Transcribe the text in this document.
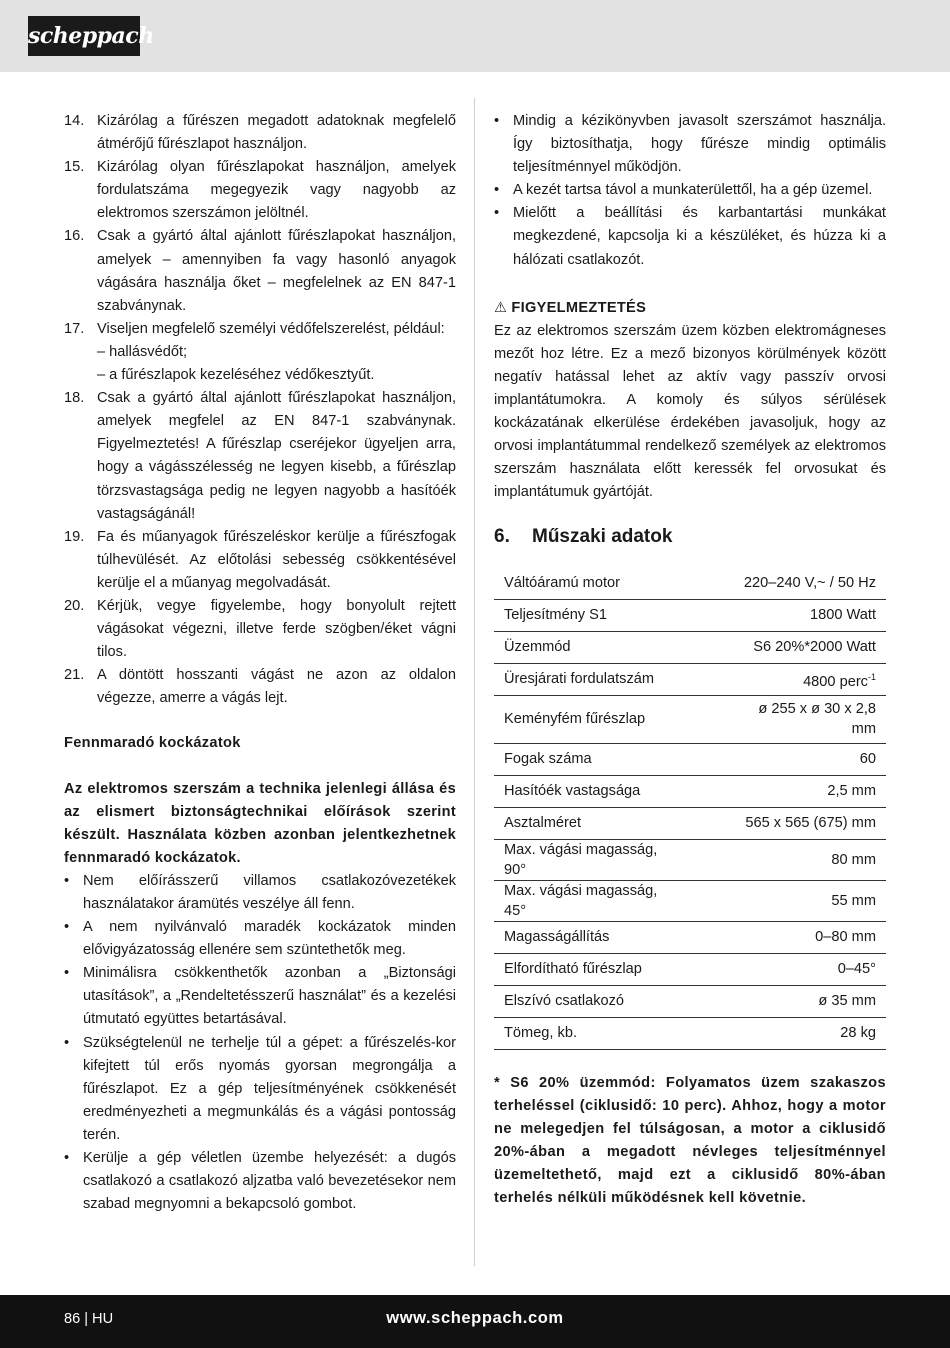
scheppach
14. Kizárólag a fűrészen megadott adatoknak megfelelő átmérőjű fűrészlapot használjon.
15. Kizárólag olyan fűrészlapokat használjon, amelyek fordulatszáma megegyezik vagy nagyobb az elektromos szerszámon jelöltnél.
16. Csak a gyártó által ajánlott fűrészlapokat használjon, amelyek – amennyiben fa vagy hasonló anyagok vágására használja őket – megfelelnek az EN 847-1 szabványnak.
17. Viseljen megfelelő személyi védőfelszerelést, például:
– hallásvédőt;
– a fűrészlapok kezeléséhez védőkesztyűt.
18. Csak a gyártó által ajánlott fűrészlapokat használjon, amelyek megfelel az EN 847-1 szabványnak. Figyelmeztetés! A fűrészlap cseréjekor ügyeljen arra, hogy a vágásszélesség ne legyen kisebb, a fűrészlap törzsvastagsága pedig ne legyen nagyobb a hasítóék vastagságánál!
19. Fa és műanyagok fűrészeléskor kerülje a fűrészfogak túlhevülését. Az előtolási sebesség csökkentésével kerülje el a műanyag megolvadását.
20. Kérjük, vegye figyelembe, hogy bonyolult rejtett vágásokat végezni, illetve ferde szögben/éket vágni tilos.
21. A döntött hosszanti vágást ne azon az oldalon végezze, amerre a vágás lejt.

Fennmaradó kockázatok

Az elektromos szerszám a technika jelenlegi állása és az elismert biztonságtechnikai előírások szerint készült. Használata közben azonban jelentkezhetnek fennmaradó kockázatok.

• Nem előírásszerű villamos csatlakozóvezetékek használatakor áramütés veszélye áll fenn.
• A nem nyilvánvaló maradék kockázatok minden elővigyázatosság ellenére sem szüntethetők meg.
• Minimálisra csökkenthetők azonban a „Biztonsági utasítások”, a „Rendeltetésszerű használat” és a kezelési útmutató együttes betartásával.
• Szükségtelenül ne terhelje túl a gépet: a fűrészelés-kor kifejtett túl erős nyomás gyorsan megrongálja a fűrészlapot. Ez a gép teljesítményének csökkenését eredményezheti a megmunkálás és a vágási pontosság terén.
• Kerülje a gép véletlen üzembe helyezését: a dugós csatlakozó a csatlakozó aljzatba való bevezetésekor nem szabad megnyomni a bekapcsoló gombot.
• Mindig a kézikönyvben javasolt szerszámot használja. Így biztosíthatja, hogy fűrésze mindig optimális teljesítménnyel működjön.
• A kezét tartsa távol a munkaterülettől, ha a gép üzemel.
• Mielőtt a beállítási és karbantartási munkákat megkezdené, kapcsolja ki a készüléket, és húzza ki a hálózati csatlakozót.

⚠ FIGYELMEZTETÉS

Ez az elektromos szerszám üzem közben elektromágneses mezőt hoz létre. Ez a mező bizonyos körülmények között negatív hatással lehet az aktív vagy passzív orvosi implantátumokra. A komoly és súlyos sérülések kockázatának elkerülése érdekében javasoljuk, hogy az orvosi implantátummal rendelkező személyek az elektromos szerszám használata előtt keressék fel orvosukat és implantátumuk gyártóját.

6. Műszaki adatok

Váltóáramú motor	220–240 V,~ / 50 Hz
Teljesítmény S1	1800 Watt
Üzemmód	S6 20%*2000 Watt
Üresjárati fordulatszám	4800 perc$^{-1}$
Keményfém fűrészlap	ø 255 x ø 30 x 2,8 mm
Fogak száma	60
Hasítóék vastagsága	2,5 mm
Asztalméret	565 x 565 (675) mm
Max. vágási magasság, 90°	80 mm
Max. vágási magasság, 45°	55 mm
Magasságállítás	0–80 mm
Elfordítható fűrészlap	0–45°
Elszívó csatlakozó	ø 35 mm
Tömeg, kb.	28 kg

* S6 20% üzemmód: Folyamatos üzem szakaszos terheléssel (ciklusidő: 10 perc). Ahhoz, hogy a motor ne melegedjen fel túlságosan, a motor a ciklusidő 20%-ában a megadott névleges teljesítménnyel üzemeltethető, majd ezt a ciklusidő 80%-ában terhelés nélküli működésnek kell követnie.

86 | HU	www.scheppach.com
